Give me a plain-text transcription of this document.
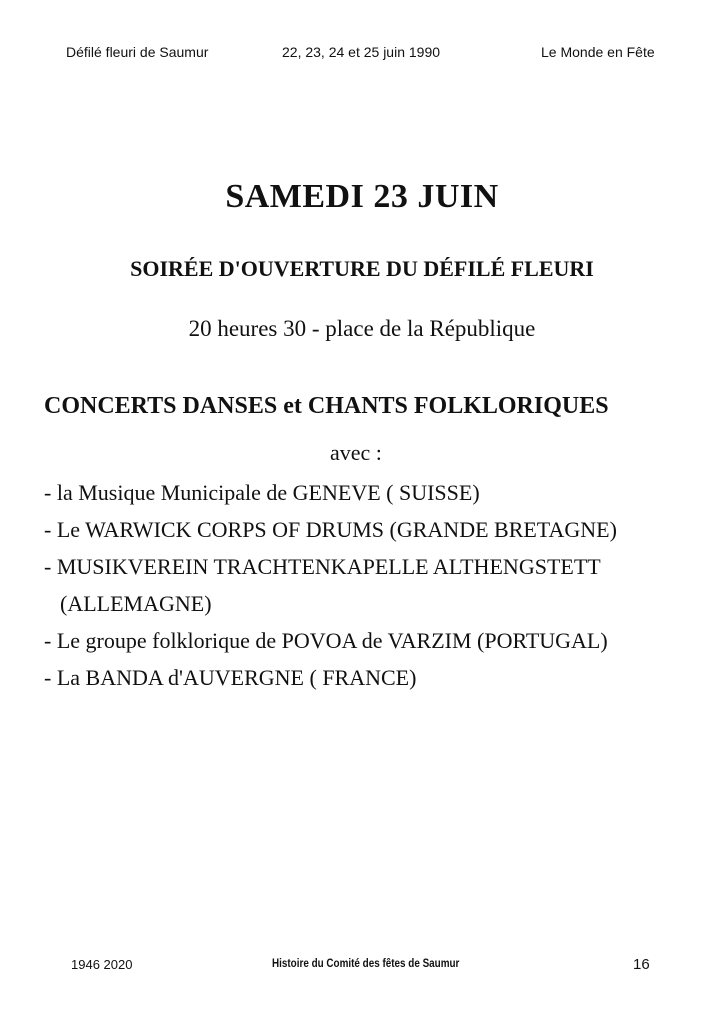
Défilé fleuri de Saumur	22, 23, 24 et 25 juin 1990	Le Monde en Fête
SAMEDI 23 JUIN
SOIRÉE D'OUVERTURE DU DÉFILÉ FLEURI
20 heures 30 - place de la République
CONCERTS DANSES et CHANTS FOLKLORIQUES
avec :
- la Musique Municipale de GENEVE ( SUISSE)
- Le WARWICK CORPS OF DRUMS (GRANDE BRETAGNE)
- MUSIKVEREIN TRACHTENKAPELLE ALTHENGSTETT
(ALLEMAGNE)
- Le groupe folklorique de POVOA de VARZIM (PORTUGAL)
- La BANDA d'AUVERGNE ( FRANCE)
1946 2020	Histoire du Comité des fêtes de Saumur	16
